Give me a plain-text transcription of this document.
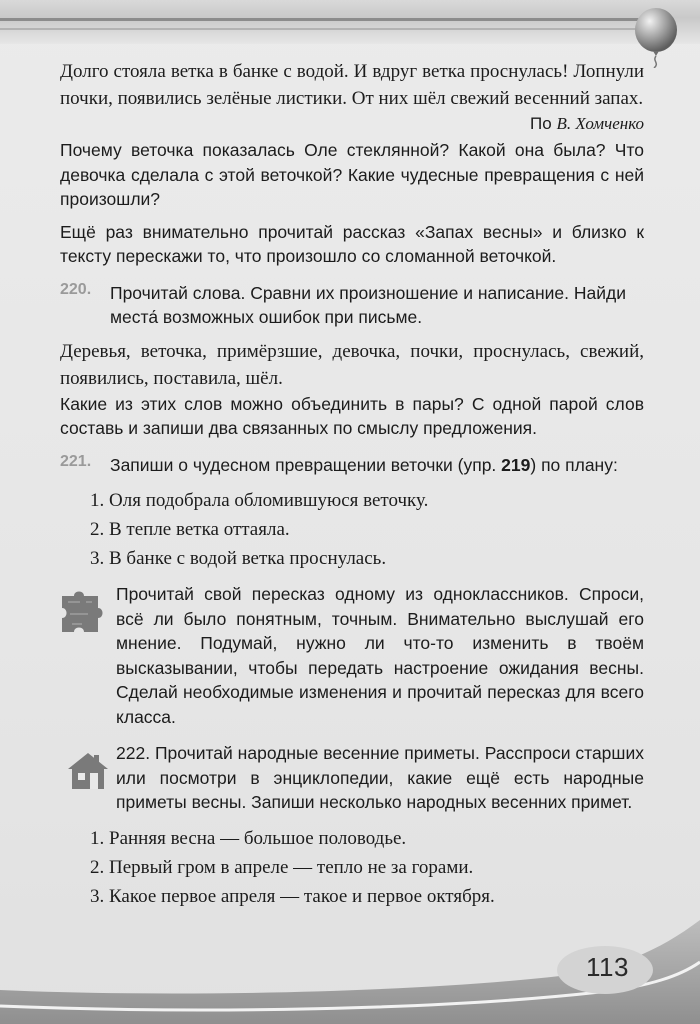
Долго стояла ветка в банке с водой. И вдруг ветка проснулась! Лопнули почки, появились зелёные листики. От них шёл свежий весенний запах.

По В. Хомченко

Почему веточка показалась Оле стеклянной? Какой она была? Что девочка сделала с этой веточкой? Какие чудесные превращения с ней произошли?

Ещё раз внимательно прочитай рассказ «Запах весны» и близко к тексту перескажи то, что произошло со сломанной веточкой.

220. Прочитай слова. Сравни их произношение и написание. Найди места́ возможных ошибок при письме.

Деревья, веточка, примёрзшие, девочка, почки, проснулась, свежий, появились, поставила, шёл.

Какие из этих слов можно объединить в пары? С одной парой слов составь и запиши два связанных по смыслу предложения.

221. Запиши о чудесном превращении веточки (упр. 219) по плану:

1. Оля подобрала обломившуюся веточку.

2. В тепле ветка оттаяла.

3. В банке с водой ветка проснулась.

Прочитай свой пересказ одному из одноклассников. Спроси, всё ли было понятным, точным. Внимательно выслушай его мнение. Подумай, нужно ли что-то изменить в твоём высказывании, чтобы передать настроение ожидания весны. Сделай необходимые изменения и прочитай пересказ для всего класса.

222. Прочитай народные весенние приметы. Расспроси старших или посмотри в энциклопедии, какие ещё есть народные приметы весны. Запиши несколько народных весенних примет.

1. Ранняя весна — большое половодье.

2. Первый гром в апреле — тепло не за горами.

3. Какое первое апреля — такое и первое октября.

113
